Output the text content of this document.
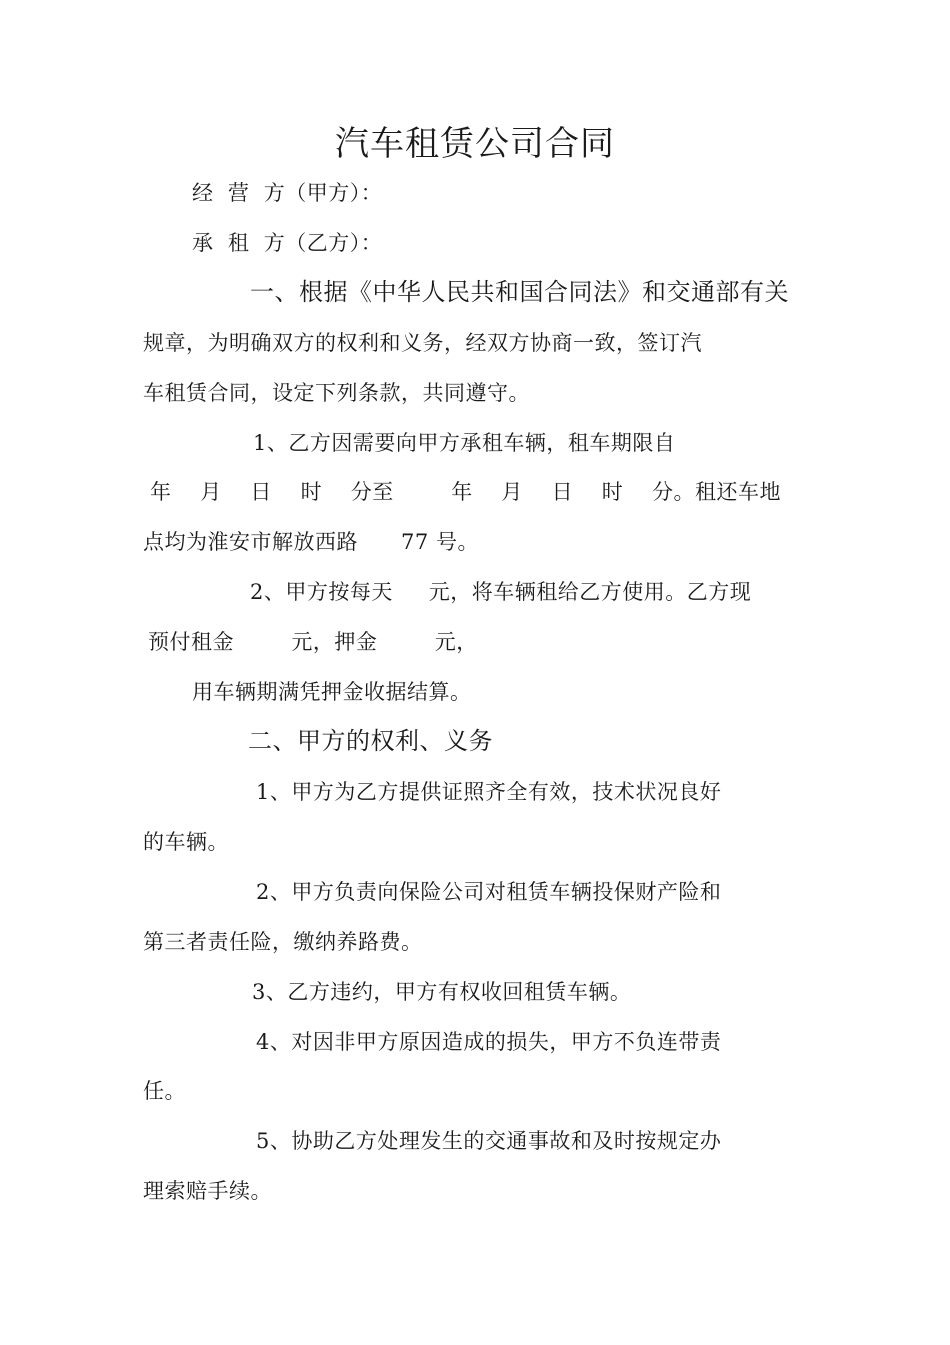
汽车租赁公司合同
经  营  方（甲方）：
承  租  方（乙方）：
一、根据《中华人民共和国合同法》和交通部有关
规章，为明确双方的权利和义务，经双方协商一致，签订汽
车租赁合同，设定下列条款，共同遵守。
1、乙方因需要向甲方承租车辆，租车期限自
年    月    日    时    分至        年    月    日    时    分。租还车地
点均为淮安市解放西路      77 号。
2、甲方按每天     元，将车辆租给乙方使用。乙方现
预付租金        元，押金        元，
用车辆期满凭押金收据结算。
二、甲方的权利、义务
1、甲方为乙方提供证照齐全有效，技术状况良好
的车辆。
2、甲方负责向保险公司对租赁车辆投保财产险和
第三者责任险，缴纳养路费。
3、乙方违约，甲方有权收回租赁车辆。
4、对因非甲方原因造成的损失，甲方不负连带责
任。
5、协助乙方处理发生的交通事故和及时按规定办
理索赔手续。
